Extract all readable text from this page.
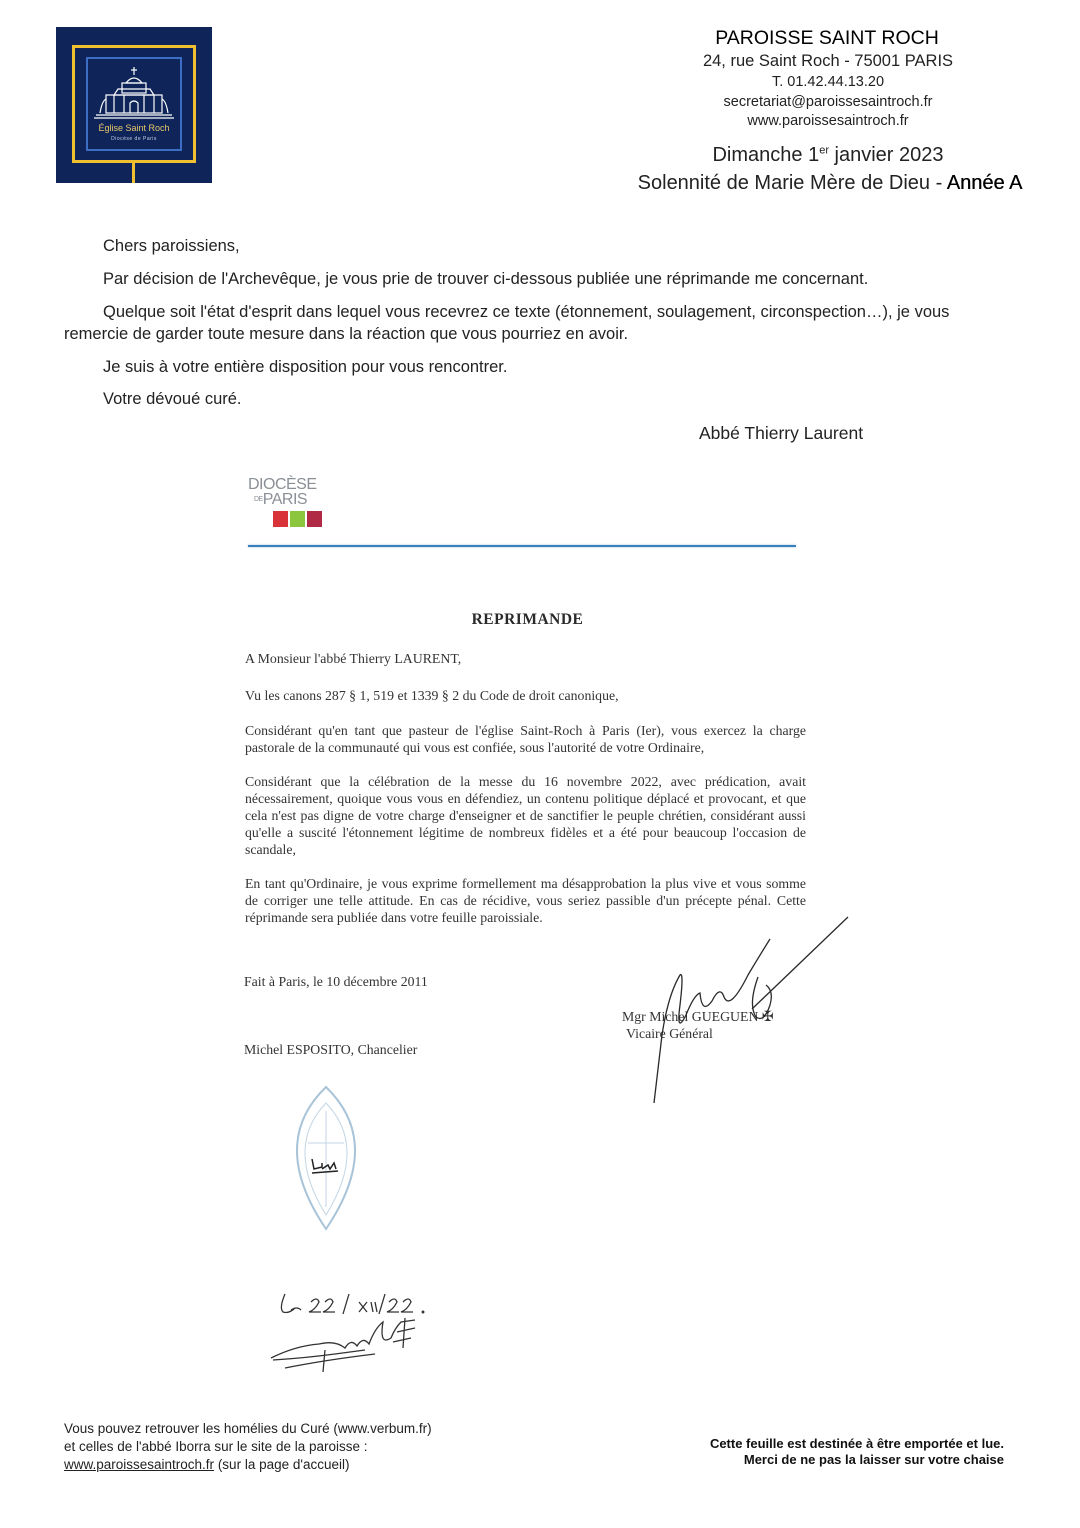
Église Saint Roch
Diocèse de Paris
PAROISSE SAINT ROCH
24, rue Saint Roch - 75001 PARIS
T. 01.42.44.13.20
secretariat@paroissesaintroch.fr
www.paroissesaintroch.fr
Dimanche 1er janvier 2023
Solennité de Marie Mère de Dieu - Année A
Chers paroissiens,
Par décision de l'Archevêque, je vous prie de trouver ci-dessous publiée une réprimande me concernant.
Quelque soit l'état d'esprit dans lequel vous recevrez ce texte (étonnement, soulagement, circonspection…), je vous
remercie de garder toute mesure dans la réaction que vous pourriez en avoir.
Je suis à votre entière disposition pour vous rencontrer.
Votre dévoué curé.
Abbé Thierry Laurent
DIOCÈSE
$^{DE}$PARIS
REPRIMANDE
A Monsieur l'abbé Thierry LAURENT,
Vu les canons 287 § 1, 519 et 1339 § 2 du Code de droit canonique,
Considérant qu'en tant que pasteur de l'église Saint-Roch à Paris (Ier), vous exercez la charge pastorale de la communauté qui vous est confiée, sous l'autorité de votre Ordinaire,
Considérant que la célébration de la messe du 16 novembre 2022, avec prédication, avait nécessairement, quoique vous vous en défendiez, un contenu politique déplacé et provocant, et que cela n'est pas digne de votre charge d'enseigner et de sanctifier le peuple chrétien, considérant aussi qu'elle a suscité l'étonnement légitime de nombreux fidèles et a été pour beaucoup l'occasion de scandale,
En tant qu'Ordinaire, je vous exprime formellement ma désapprobation la plus vive et vous somme de corriger une telle attitude. En cas de récidive, vous seriez passible d'un précepte pénal. Cette réprimande sera publiée dans votre feuille paroissiale.
Fait à Paris, le 10 décembre 2011
Mgr Michel GUEGUEN ✠
Vicaire Général
Michel ESPOSITO, Chancelier
Vous pouvez retrouver les homélies du Curé (www.verbum.fr)
et celles de l'abbé Iborra sur le site de la paroisse :
www.paroissesaintroch.fr (sur la page d'accueil)
Cette feuille est destinée à être emportée et lue.
Merci de ne pas la laisser sur votre chaise
